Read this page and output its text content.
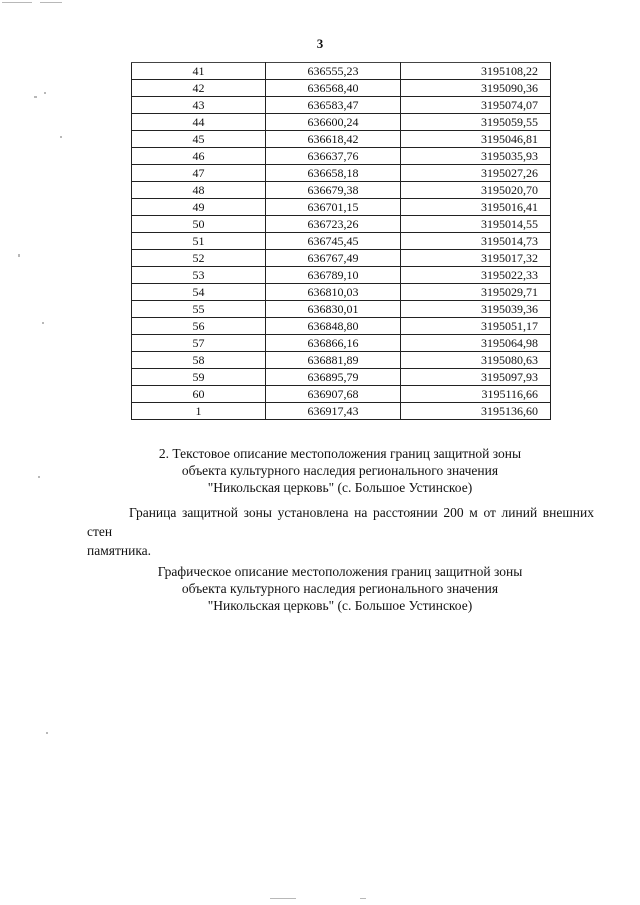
3
41	636555,23	3195108,22
42	636568,40	3195090,36
43	636583,47	3195074,07
44	636600,24	3195059,55
45	636618,42	3195046,81
46	636637,76	3195035,93
47	636658,18	3195027,26
48	636679,38	3195020,70
49	636701,15	3195016,41
50	636723,26	3195014,55
51	636745,45	3195014,73
52	636767,49	3195017,32
53	636789,10	3195022,33
54	636810,03	3195029,71
55	636830,01	3195039,36
56	636848,80	3195051,17
57	636866,16	3195064,98
58	636881,89	3195080,63
59	636895,79	3195097,93
60	636907,68	3195116,66
1	636917,43	3195136,60
2. Текстовое описание местоположения границ защитной зоны
объекта культурного наследия регионального значения
"Никольская церковь" (с. Большое Устинское)
Граница защитной зоны установлена на расстоянии 200 м от линий внешних стен
памятника.
Графическое описание местоположения границ защитной зоны
объекта культурного наследия регионального значения
"Никольская церковь" (с. Большое Устинское)
